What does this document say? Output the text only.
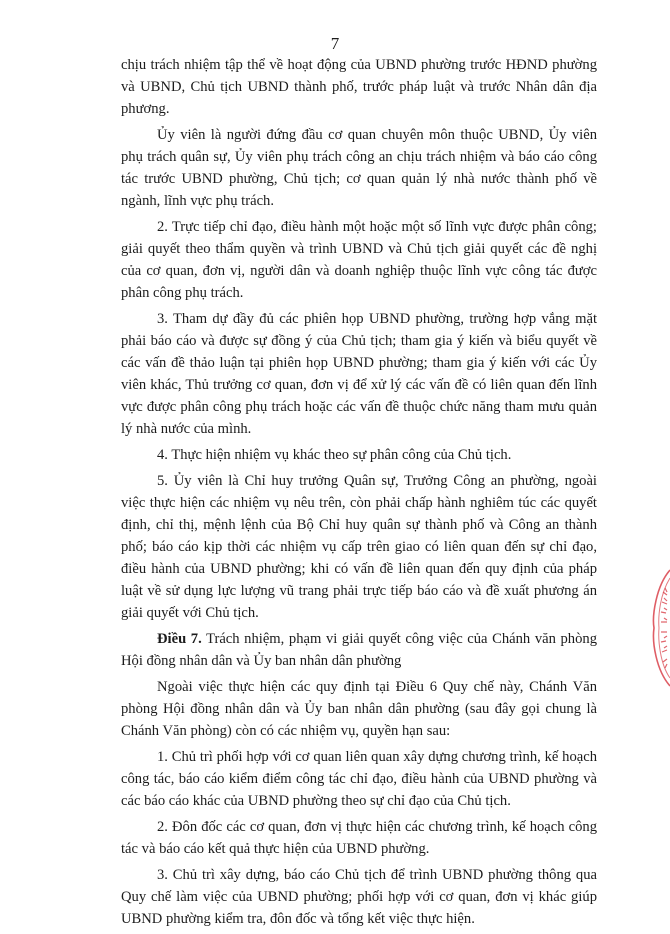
7

chịu trách nhiệm tập thể về hoạt động của UBND phường trước HĐND phường và UBND, Chủ tịch UBND thành phố, trước pháp luật và trước Nhân dân địa phương.

Ủy viên là người đứng đầu cơ quan chuyên môn thuộc UBND, Ủy viên phụ trách quân sự, Ủy viên phụ trách công an chịu trách nhiệm và báo cáo công tác trước UBND phường, Chủ tịch; cơ quan quản lý nhà nước thành phố về ngành, lĩnh vực phụ trách.

2. Trực tiếp chỉ đạo, điều hành một hoặc một số lĩnh vực được phân công; giải quyết theo thẩm quyền và trình UBND và Chủ tịch giải quyết các đề nghị của cơ quan, đơn vị, người dân và doanh nghiệp thuộc lĩnh vực công tác được phân công phụ trách.

3. Tham dự đầy đủ các phiên họp UBND phường, trường hợp vắng mặt phải báo cáo và được sự đồng ý của Chủ tịch; tham gia ý kiến và biểu quyết về các vấn đề thảo luận tại phiên họp UBND phường; tham gia ý kiến với các Ủy viên khác, Thủ trưởng cơ quan, đơn vị để xử lý các vấn đề có liên quan đến lĩnh vực được phân công phụ trách hoặc các vấn đề thuộc chức năng tham mưu quản lý nhà nước của mình.

4. Thực hiện nhiệm vụ khác theo sự phân công của Chủ tịch.

5. Ủy viên là Chỉ huy trưởng Quân sự, Trưởng Công an phường, ngoài việc thực hiện các nhiệm vụ nêu trên, còn phải chấp hành nghiêm túc các quyết định, chỉ thị, mệnh lệnh của Bộ Chỉ huy quân sự thành phố và Công an thành phố; báo cáo kịp thời các nhiệm vụ cấp trên giao có liên quan đến sự chỉ đạo, điều hành của UBND phường; khi có vấn đề liên quan đến quy định của pháp luật về sử dụng lực lượng vũ trang phải trực tiếp báo cáo và đề xuất phương án giải quyết với Chủ tịch.

Điều 7. Trách nhiệm, phạm vi giải quyết công việc của Chánh văn phòng Hội đồng nhân dân và Ủy ban nhân dân phường

Ngoài việc thực hiện các quy định tại Điều 6 Quy chế này, Chánh Văn phòng Hội đồng nhân dân và Ủy ban nhân dân phường (sau đây gọi chung là Chánh Văn phòng) còn có các nhiệm vụ, quyền hạn sau:

1. Chủ trì phối hợp với cơ quan liên quan xây dựng chương trình, kế hoạch công tác, báo cáo kiểm điểm công tác chỉ đạo, điều hành của UBND phường và các báo cáo khác của UBND phường theo sự chỉ đạo của Chủ tịch.

2. Đôn đốc các cơ quan, đơn vị thực hiện các chương trình, kế hoạch công tác và báo cáo kết quả thực hiện của UBND phường.

3. Chủ trì xây dựng, báo cáo Chủ tịch để trình UBND phường thông qua Quy chế làm việc của UBND phường; phối hợp với cơ quan, đơn vị khác giúp UBND phường kiểm tra, đôn đốc và tổng kết việc thực hiện.
